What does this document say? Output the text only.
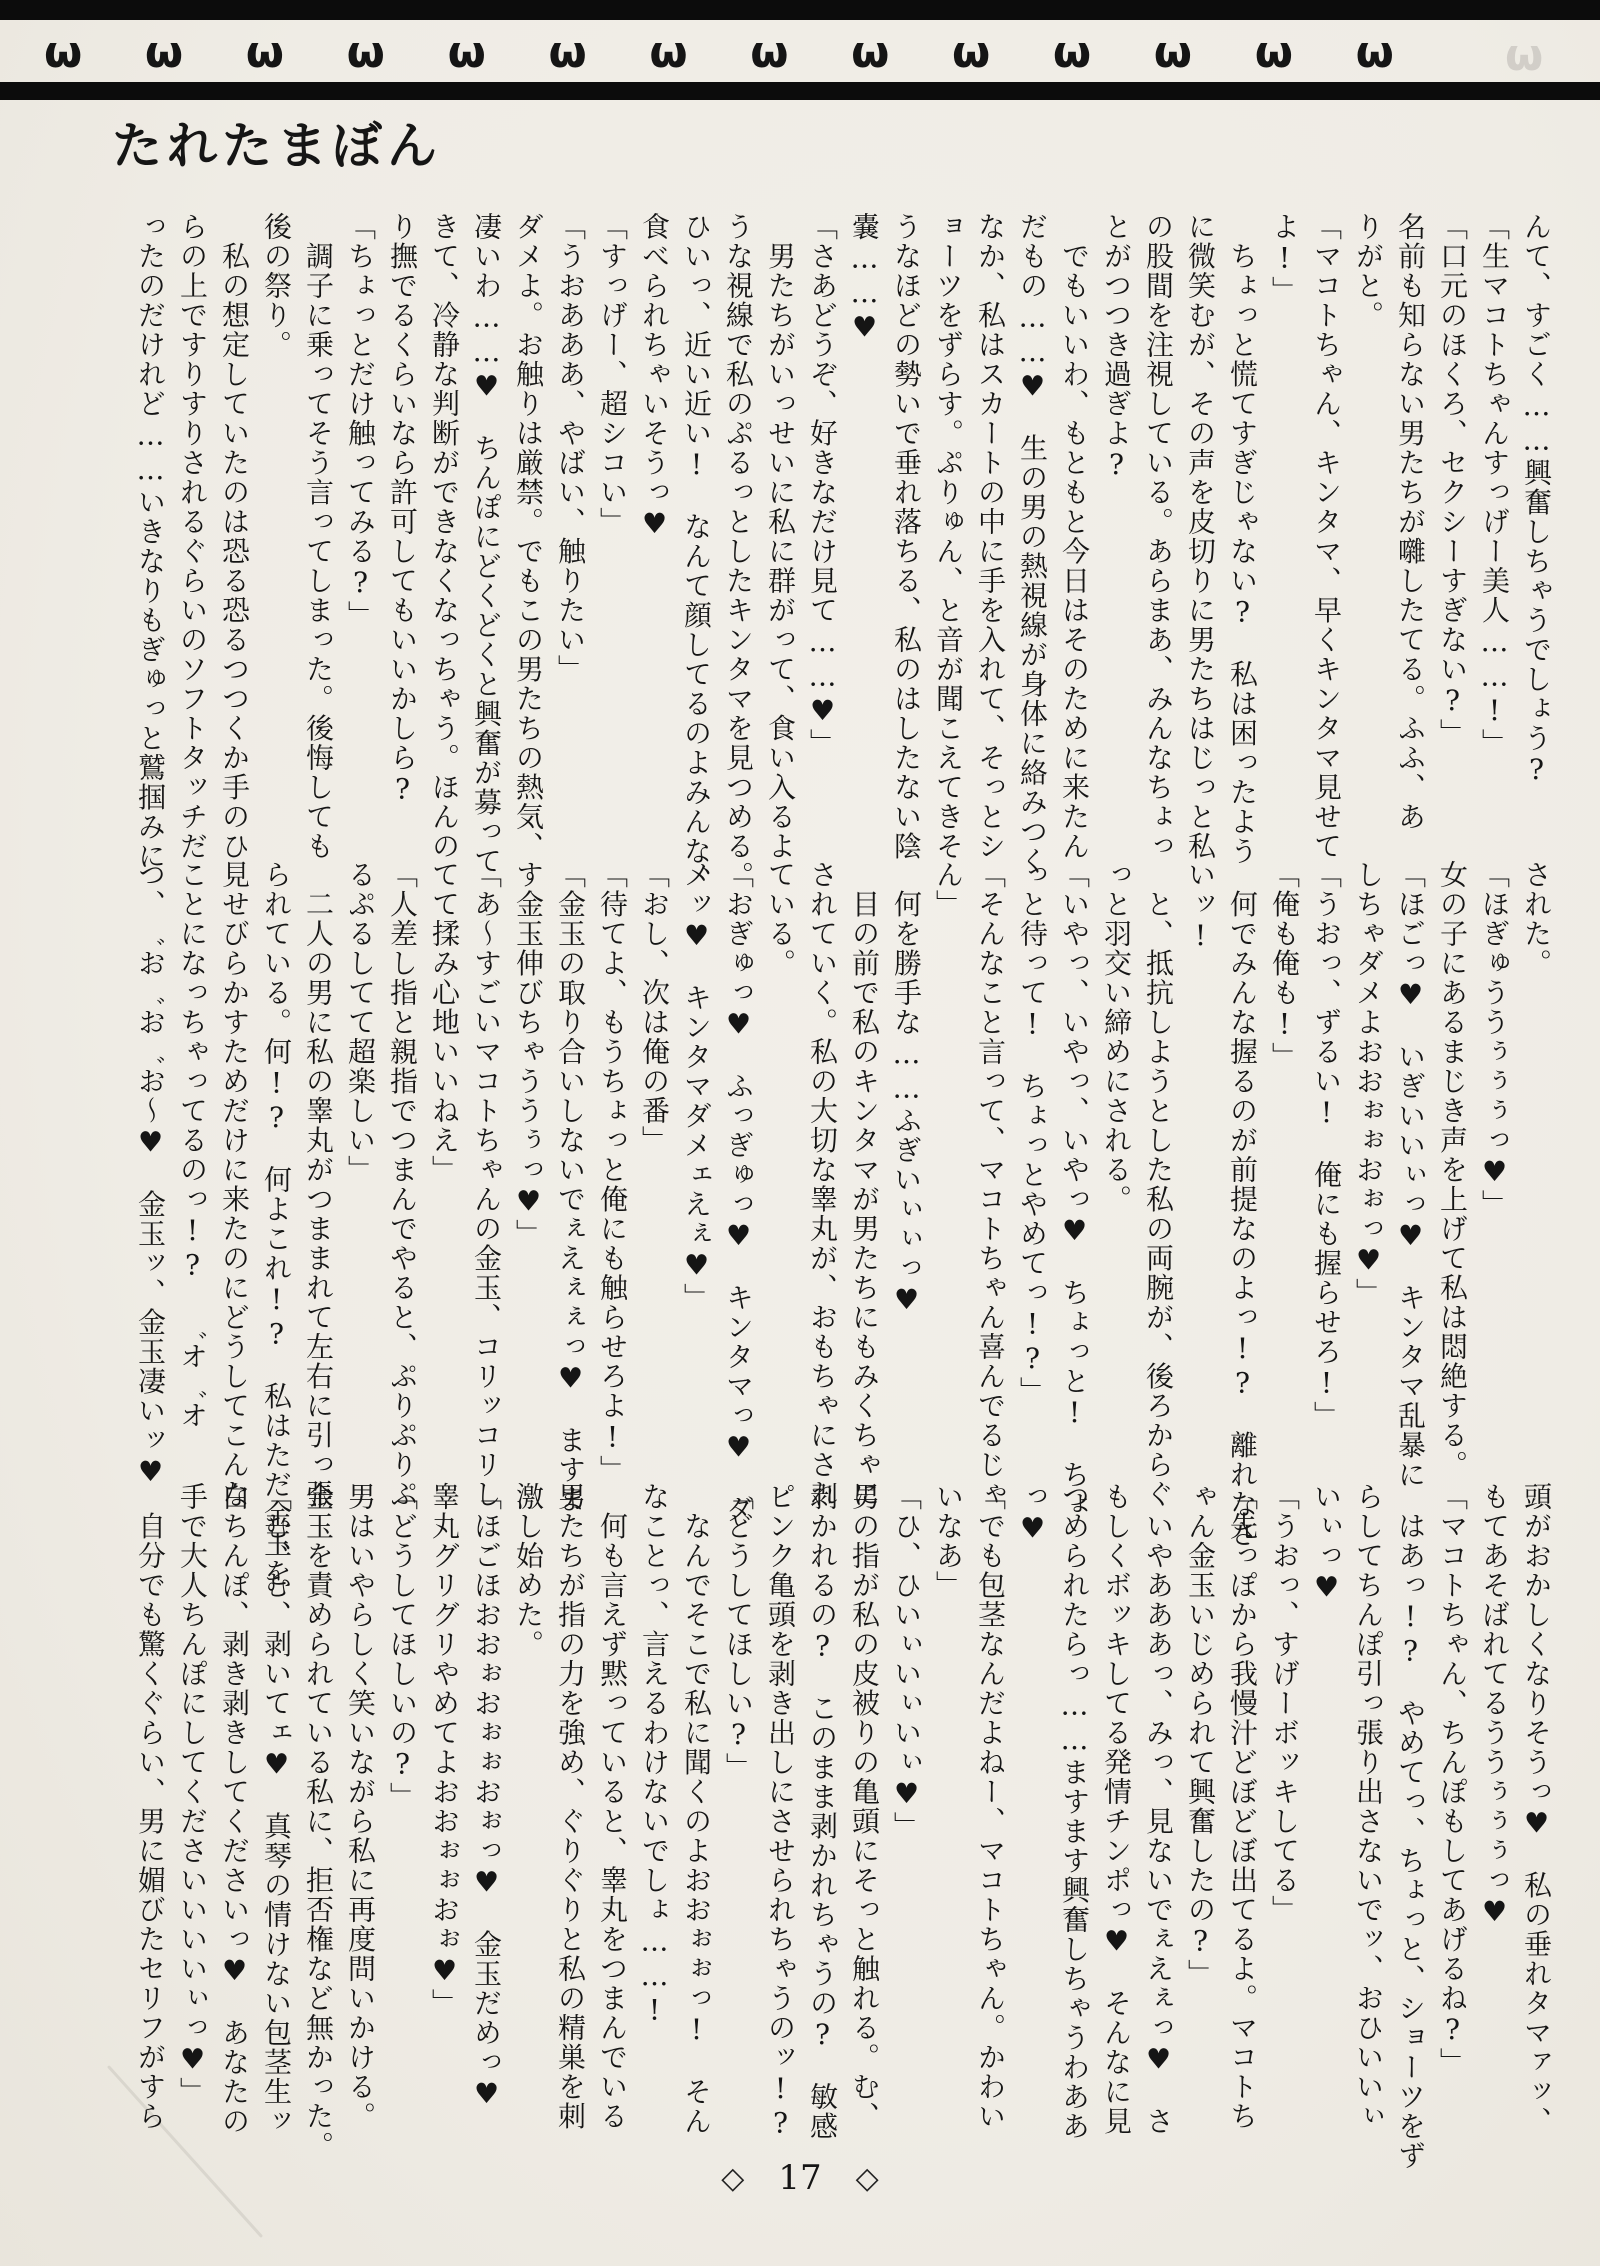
ω ω ω ω ω ω ω ω ω ω ω ω ω ω	ω
たれたまぼん

んて、すごく……興奮しちゃうでしょう?

「生マコトちゃんすっげー美人……!」

「口元のほくろ、セクシーすぎない?」

名前も知らない男たちが囃したてる。ふふ、あ

りがと。

「マコトちゃん、キンタマ、早くキンタマ見せて

よ!」

　ちょっと慌てすぎじゃない?　私は困ったよう

に微笑むが、その声を皮切りに男たちはじっと私

の股間を注視している。あらまあ、みんなちょっ

とがつつき過ぎよ?

　でもいいわ、もともと今日はそのために来たん

だもの……♥　生の男の熱視線が身体に絡みつく

なか、私はスカートの中に手を入れて、そっとシ

ョーツをずらす。ぷりゅん、と音が聞こえてきそ

うなほどの勢いで垂れ落ちる、私のはしたない陰

嚢……♥

「さあどうぞ、好きなだけ見て……♥」

　男たちがいっせいに私に群がって、食い入るよ

うな視線で私のぷるっとしたキンタマを見つめる。

ひいっ、近い近い!　なんて顔してるのよみんな、

食べられちゃいそうっ♥

「すっげー、超シコい」

「うおあああ、やばい、触りたい」

ダメよ。お触りは厳禁。でもこの男たちの熱気、

凄いわ……♥　ちんぽにどくどくと興奮が募って

きて、冷静な判断ができなくなっちゃう。ほんの

り撫でるくらいなら許可してもいいかしら?

「ちょっとだけ触ってみる?」

　調子に乗ってそう言ってしまった。後悔しても

後の祭り。

　私の想定していたのは恐る恐るつつくか手のひ

らの上ですりすりされるぐらいのソフトタッチだ

ったのだけれど……いきなりもぎゅっと鷲掴みに

された。

「ほぎゅううぅぅぅっ♥」

女の子にあるまじき声を上げて私は悶絶する。

「ほごっ♥　いぎいいぃっ♥　キンタマ乱暴に

しちゃダメよおおぉぉおぉっ♥」

「うおっ、ずるい!　俺にも握らせろ!」

「俺も俺も!」

　何でみんな握るのが前提なのよっ!?　離れなさ

いッ!

　と、抵抗しようとした私の両腕が、後ろからぐ

っと羽交い締めにされる。

「いやっ、いやっ、いやっ♥　ちょっと!　ちょ

っと待って!　ちょっとやめてっ!?」

「そんなこと言って、マコトちゃん喜んでるじゃ

ん」

　何を勝手な……ふぎいぃぃっ♥

　目の前で私のキンタマが男たちにもみくちゃに

されていく。私の大切な睾丸が、おもちゃにされ

ている。

「おぎゅっ♥　ふっぎゅっ♥　キンタマっ♥　ダ

メッ♥　キンタマダメェえぇ♥」

「おし、次は俺の番」

「待てよ、もうちょっと俺にも触らせろよ!」

「金玉の取り合いしないでぇえぇぇっ♥　ますま

す金玉伸びちゃううぅっ♥」

「あ〜すごいマコトちゃんの金玉、コリッコリし

てて揉み心地いいねえ」

「人差し指と親指でつまんでやると、ぷりぷりぷ

るぷるしてて超楽しい」

　二人の男に私の睾丸がつままれて左右に引っ張

られている。何!?　何よこれ!?　私はただ金玉を

見せびらかすためだけに来たのにどうしてこんな

ことになっちゃってるのっ!?　゛オ゛オ

つ、゛お゛お゛お〜♥　金玉ッ、金玉凄いッ♥

頭がおかしくなりそうっ♥　私の垂れタマァッ、

もてあそばれてるううぅぅぅっ♥

「マコトちゃん、ちんぽもしてあげるね?」

　はあっ!?　やめてっ、ちょっと、ショーツをず

らしてちんぽ引っ張り出さないでッ、おひいいぃ

いぃっ♥

「うおっ、すげーボッキしてる」

「先っぽから我慢汁どぼどぼ出てるよ。マコトち

ゃん金玉いじめられて興奮したの?」

　いやあああっ、みっ、見ないでぇえぇっ♥　さ

もしくボッキしてる発情チンポっ♥　そんなに見

つめられたらっ……ますます興奮しちゃうわああ

っ♥

「でも包茎なんだよねー、マコトちゃん。かわい

いなあ」

「ひ、ひいぃいぃいぃ♥」

男の指が私の皮被りの亀頭にそっと触れる。む、

剥かれるの?　このまま剥かれちゃうの?　敏感

ピンク亀頭を剥き出しにさせられちゃうのッ!?

「どうしてほしい?」

　なんでそこで私に聞くのよおおぉぉっ!　そん

なことっ、言えるわけないでしょ……!

　何も言えず黙っていると、睾丸をつまんでいる

男たちが指の力を強め、ぐりぐりと私の精巣を刺

激し始めた。

「ほごほおおぉおぉぉおぉっ♥　金玉だめっ♥

睾丸グリグリやめてよおおぉぉおぉ♥」

「どうしてほしいの?」

男はいやらしく笑いながら私に再度問いかける。

金玉を責められている私に、拒否権など無かった。

「む、む、剥いてェ♥　真琴の情けない包茎生ッ

白ちんぽ、剥き剥きしてくださいっ♥　あなたの

手で大人ちんぽにしてくださいいいいぃっ♥」

　自分でも驚くぐらい、男に媚びたセリフがすら

◇ 17 ◇
